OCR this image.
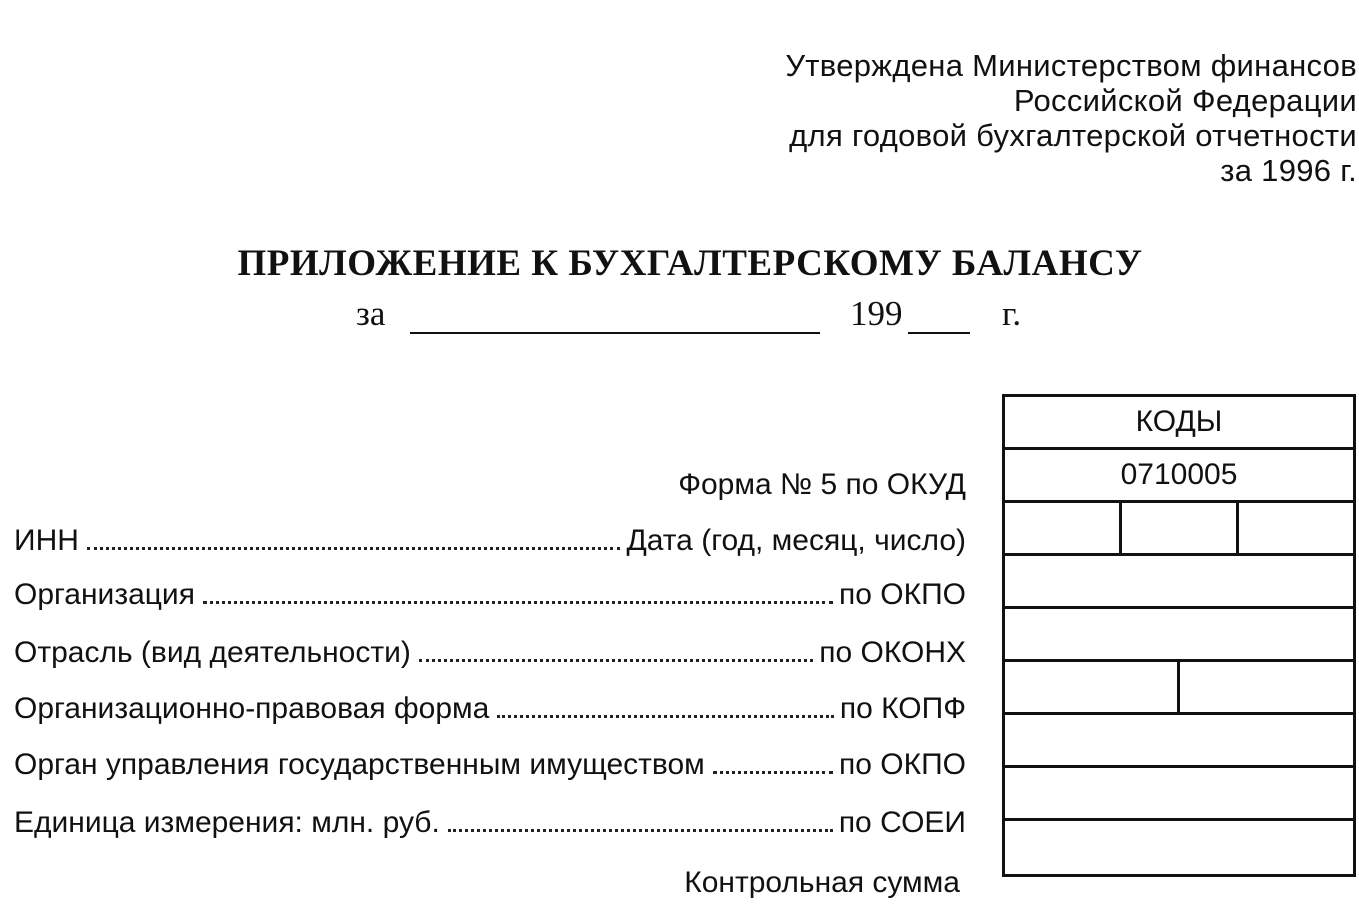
Утверждена Министерством финансов
Российской Федерации
для годовой бухгалтерской отчетности
за 1996 г.
ПРИЛОЖЕНИЕ К БУХГАЛТЕРСКОМУ БАЛАНСУ
за	199	г.
КОДЫ
0710005
Форма № 5 по ОКУД
ИНН	Дата (год, месяц, число)
Организация	по ОКПО
Отрасль (вид деятельности)	по ОКОНХ
Организационно-правовая форма	по КОПФ
Орган управления государственным имуществом	по ОКПО
Единица измерения: млн. руб.	по СОЕИ
Контрольная сумма
